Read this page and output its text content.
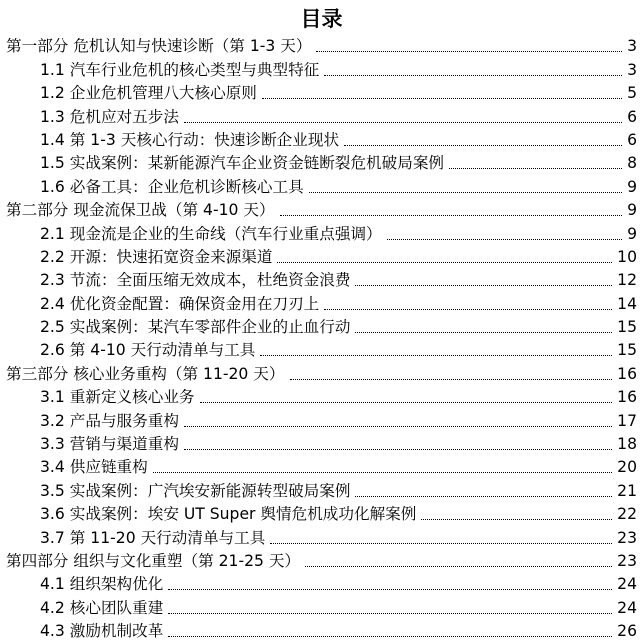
目录
第一部分 危机认知与快速诊断（第 1-3 天）	3
1.1 汽车行业危机的核心类型与典型特征	3
1.2 企业危机管理八大核心原则	5
1.3 危机应对五步法	6
1.4 第 1-3 天核心行动：快速诊断企业现状	6
1.5 实战案例：某新能源汽车企业资金链断裂危机破局案例	8
1.6 必备工具：企业危机诊断核心工具	9
第二部分 现金流保卫战（第 4-10 天）	9
2.1 现金流是企业的生命线（汽车行业重点强调）	9
2.2 开源：快速拓宽资金来源渠道	10
2.3 节流：全面压缩无效成本，杜绝资金浪费	12
2.4 优化资金配置：确保资金用在刀刃上	14
2.5 实战案例：某汽车零部件企业的止血行动	15
2.6 第 4-10 天行动清单与工具	15
第三部分 核心业务重构（第 11-20 天）	16
3.1 重新定义核心业务	16
3.2 产品与服务重构	17
3.3 营销与渠道重构	18
3.4 供应链重构	20
3.5 实战案例：广汽埃安新能源转型破局案例	21
3.6 实战案例：埃安 UT Super 舆情危机成功化解案例	22
3.7 第 11-20 天行动清单与工具	23
第四部分 组织与文化重塑（第 21-25 天）	23
4.1 组织架构优化	24
4.2 核心团队重建	24
4.3 激励机制改革	26
